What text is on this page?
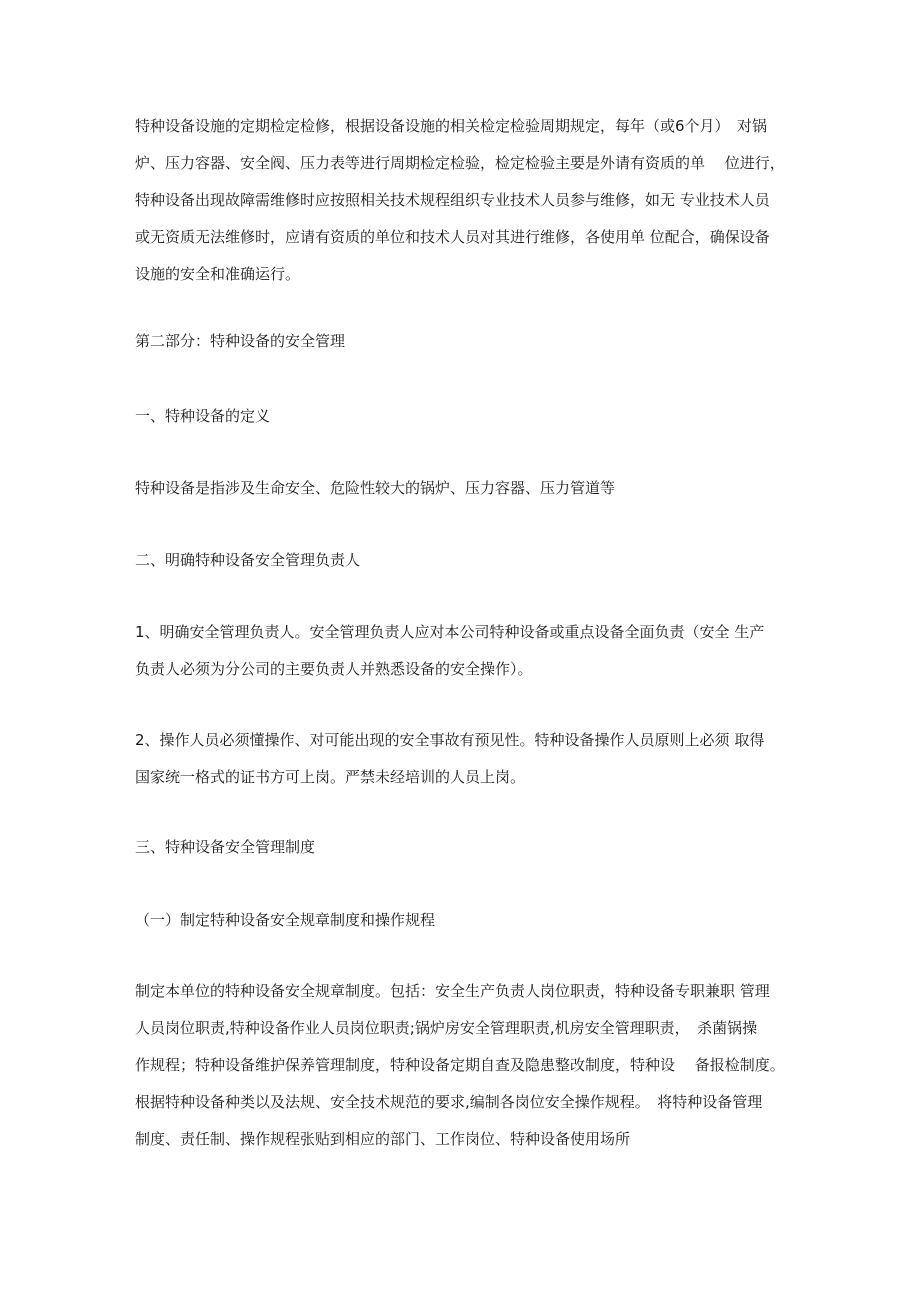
特种设备设施的定期检定检修，根据设备设施的相关检定检验周期规定，每年（或6个月）　对锅
炉、压力容器、安全阀、压力表等进行周期检定检验，检定检验主要是外请有资质的单　 位进行，
特种设备出现故障需维修时应按照相关技术规程组织专业技术人员参与维修，如无 专业技术人员
或无资质无法维修时，应请有资质的单位和技术人员对其进行维修，各使用单 位配合，确保设备
设施的安全和准确运行。
第二部分：特种设备的安全管理
一、特种设备的定义
特种设备是指涉及生命安全、危险性较大的锅炉、压力容器、压力管道等
二、明确特种设备安全管理负责人
1、明确安全管理负责人。安全管理负责人应对本公司特种设备或重点设备全面负责（安全 生产
负责人必须为分公司的主要负责人并熟悉设备的安全操作）。
2、操作人员必须懂操作、对可能出现的安全事故有预见性。特种设备操作人员原则上必须 取得
国家统一格式的证书方可上岗。严禁未经培训的人员上岗。
三、特种设备安全管理制度
（一）制定特种设备安全规章制度和操作规程
制定本单位的特种设备安全规章制度。包括：安全生产负责人岗位职责，特种设备专职兼职 管理
人员岗位职责,特种设备作业人员岗位职责;锅炉房安全管理职责,机房安全管理职责，　杀菌锅操
作规程；特种设备维护保养管理制度，特种设备定期自查及隐患整改制度，特种设　 备报检制度。
根据特种设备种类以及法规、安全技术规范的要求,编制各岗位安全操作规程。　将特种设备管理
制度、责任制、操作规程张贴到相应的部门、工作岗位、特种设备使用场所
